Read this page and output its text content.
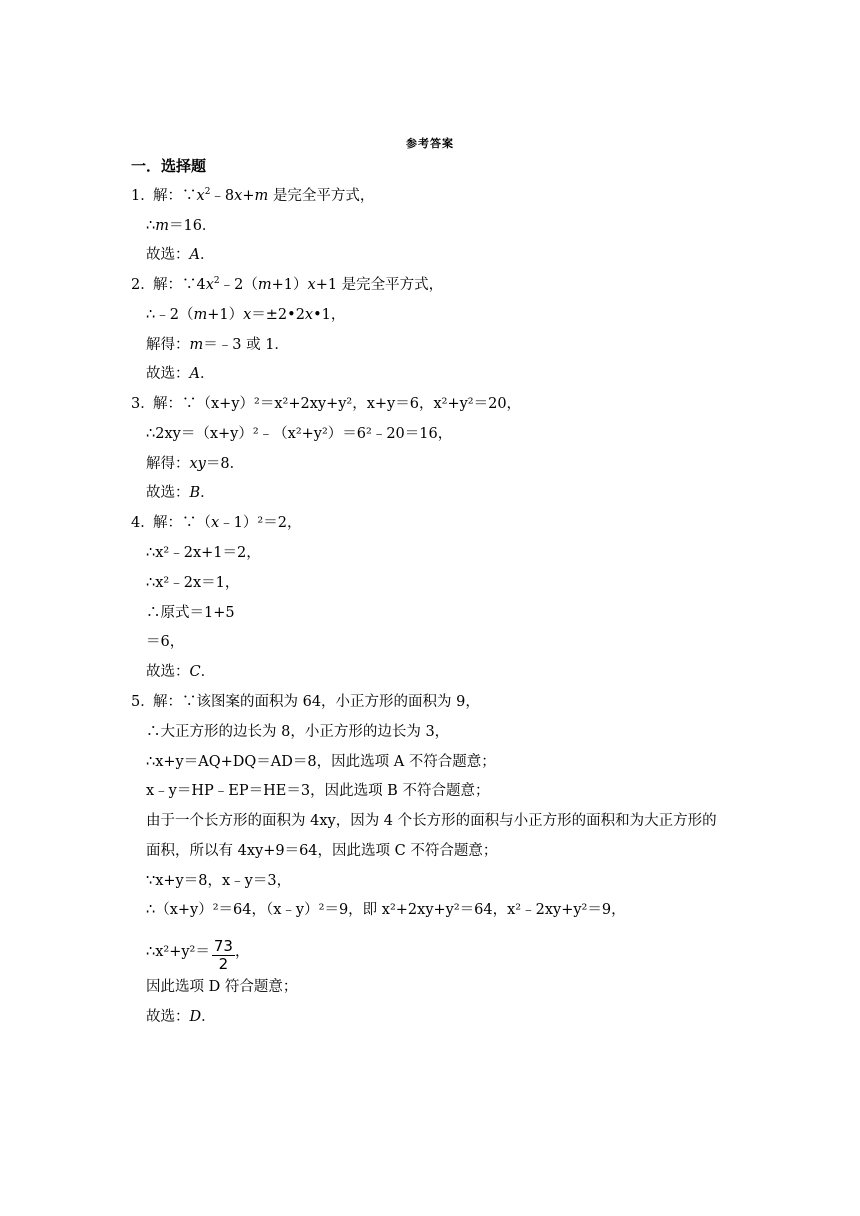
参考答案
一．选择题
1．
解：$\because x^2﹣8x+m$ 是完全平方式，
∴m＝16．
故选：A．
2．
解：$\because 4x^2﹣2(m+1)x+1$ 是完全平方式，
∴﹣2（m+1）x＝±2•2x•1，
解得：m＝﹣3 或 1．
故选：A．
3．
解：∵（x+y）²＝x²+2xy+y²，x+y＝6，x²+y²＝20，
∴2xy＝（x+y）²﹣（x²+y²）＝6²﹣20＝16，
解得：xy＝8．
故选：B．
4．
解：∵（x﹣1）²＝2，
∴x²﹣2x+1＝2，
∴x²﹣2x＝1，
∴原式＝1+5
＝6，
故选：C．
5．
解：∵该图案的面积为 64，小正方形的面积为 9，
∴大正方形的边长为 8，小正方形的边长为 3，
∴x+y＝AQ+DQ＝AD＝8，因此选项 A 不符合题意；
x﹣y＝HP﹣EP＝HE＝3，因此选项 B 不符合题意；
由于一个长方形的面积为 4xy，因为 4 个长方形的面积与小正方形的面积和为大正方形的
面积，所以有 4xy+9＝64，因此选项 C 不符合题意；
∵x+y＝8，x﹣y＝3，
∴（x+y）²＝64，（x﹣y）²＝9，即 x²+2xy+y²＝64，x²﹣2xy+y²＝9，
∴x²+y²＝ $\frac{73}{2}$ ，
因此选项 D 符合题意；
故选：D．
